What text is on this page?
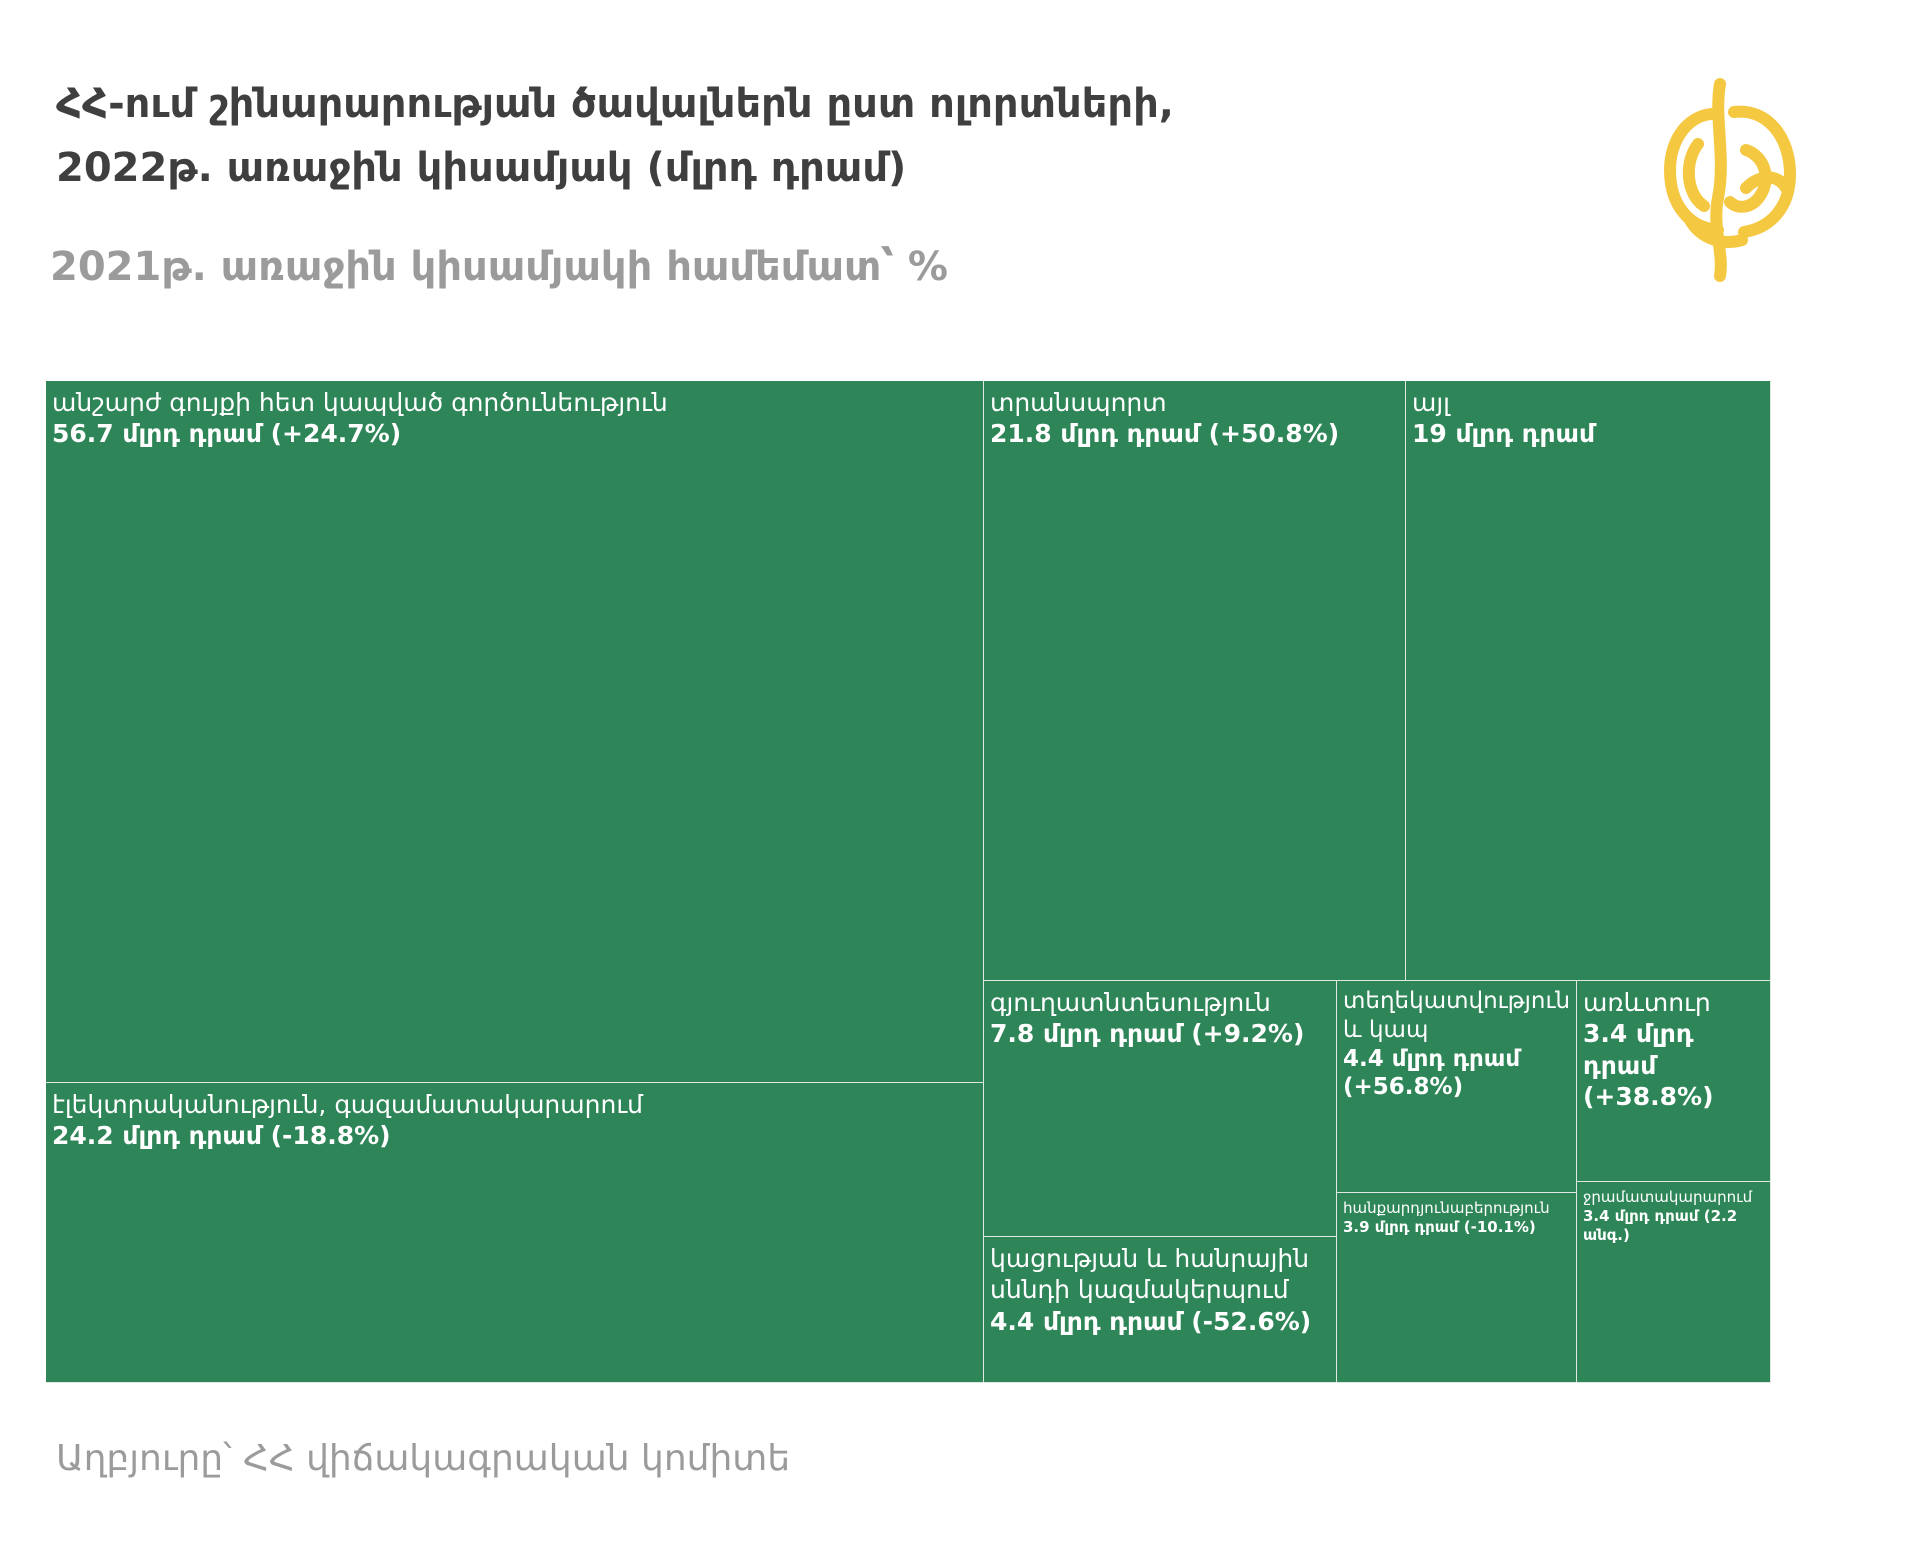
ՀՀ-ում շինարարության ծավալներն ըստ ոլորտների,
2022թ. առաջին կիսամյակ (մլրդ դրամ)
2021թ. առաջին կիսամյակի համեմատ՝ %
անշարժ գույքի հետ կապված գործունեություն
56.7 մլրդ դրամ (+24.7%)
էլեկտրականություն, գազամատակարարում
24.2 մլրդ դրամ (-18.8%)
տրանսպորտ
21.8 մլրդ դրամ (+50.8%)
այլ
19 մլրդ դրամ
գյուղատնտեսություն
7.8 մլրդ դրամ (+9.2%)
կացության և հանրային սննդի կազմակերպում
4.4 մլրդ դրամ (-52.6%)
տեղեկատվություն և կապ
4.4 մլրդ դրամ (+56.8%)
հանքարդյունաբերություն
3.9 մլրդ դրամ (-10.1%)
առևտուր
3.4 մլրդ դրամ (+38.8%)
ջրամատակարարում
3.4 մլրդ դրամ (2.2 անգ.)
Աղբյուրը՝ ՀՀ վիճակագրական կոմիտե
